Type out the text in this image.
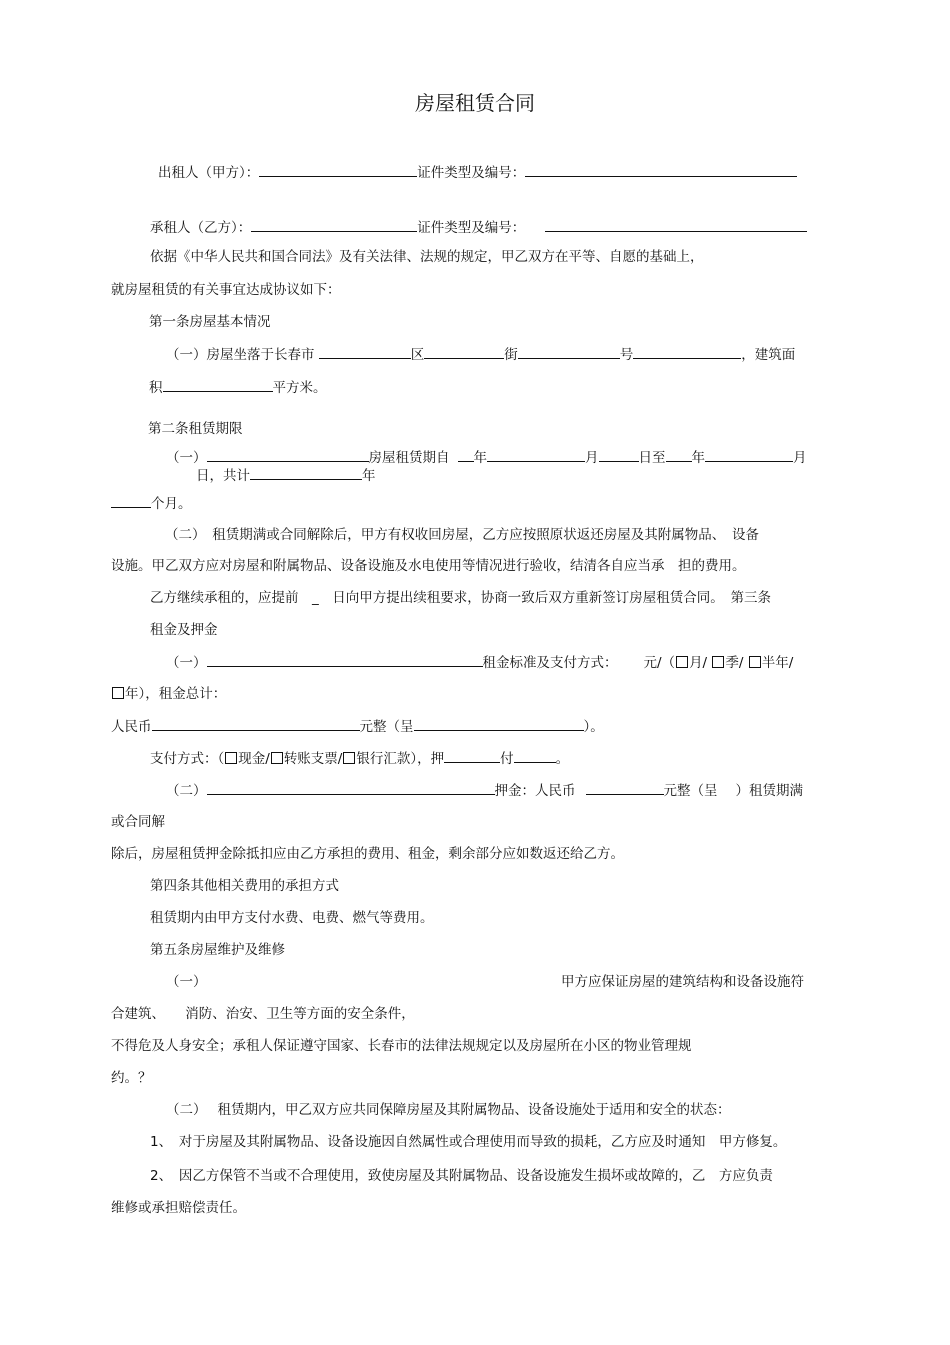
房屋租赁合同
出租人（甲方）：	证件类型及编号：
承租人（乙方）：	证件类型及编号：
依据《中华人民共和国合同法》及有关法律、法规的规定，甲乙双方在平等、自愿的基础上，
就房屋租赁的有关事宜达成协议如下：
第一条房屋基本情况
（一）房屋坐落于长春市	区	街	号	，建筑面
积	平方米。
第二条租赁期限
（一）	房屋租赁期自 年	月	日至 年	月
日，共计	年
个月。
（二）　租赁期满或合同解除后，甲方有权收回房屋，乙方应按照原状返还房屋及其附属物品、　设备
设施。甲乙双方应对房屋和附属物品、设备设施及水电使用等情况进行验收，结清各自应当承　担的费用。
乙方继续承租的，应提前　_　日向甲方提出续租要求，协商一致后双方重新签订房屋租赁合同。　第三条
租金及押金
（一）	租金标准及支付方式： 元/（ 月/ 季/ 半年/
年），租金总计：
人民币	元整（呈	）。
支付方式：（ 现金/ 转账支票/ 银行汇款），押	付	。
（二）	押金：人民币	元整（呈 ）租赁期满
或合同解
除后，房屋租赁押金除抵扣应由乙方承担的费用、租金，剩余部分应如数返还给乙方。
第四条其他相关费用的承担方式
租赁期内由甲方支付水费、电费、燃气等费用。
第五条房屋维护及维修
（一）	甲方应保证房屋的建筑结构和设备设施符
合建筑、　　消防、治安、卫生等方面的安全条件，
不得危及人身安全；承租人保证遵守国家、长春市的法律法规规定以及房屋所在小区的物业管理规
约。？
（二）　 租赁期内，甲乙双方应共同保障房屋及其附属物品、设备设施处于适用和安全的状态：
1、　对于房屋及其附属物品、设备设施因自然属性或合理使用而导致的损耗，乙方应及时通知　甲方修复。
2、　因乙方保管不当或不合理使用，致使房屋及其附属物品、设备设施发生损坏或故障的，乙　方应负责
维修或承担赔偿责任。
